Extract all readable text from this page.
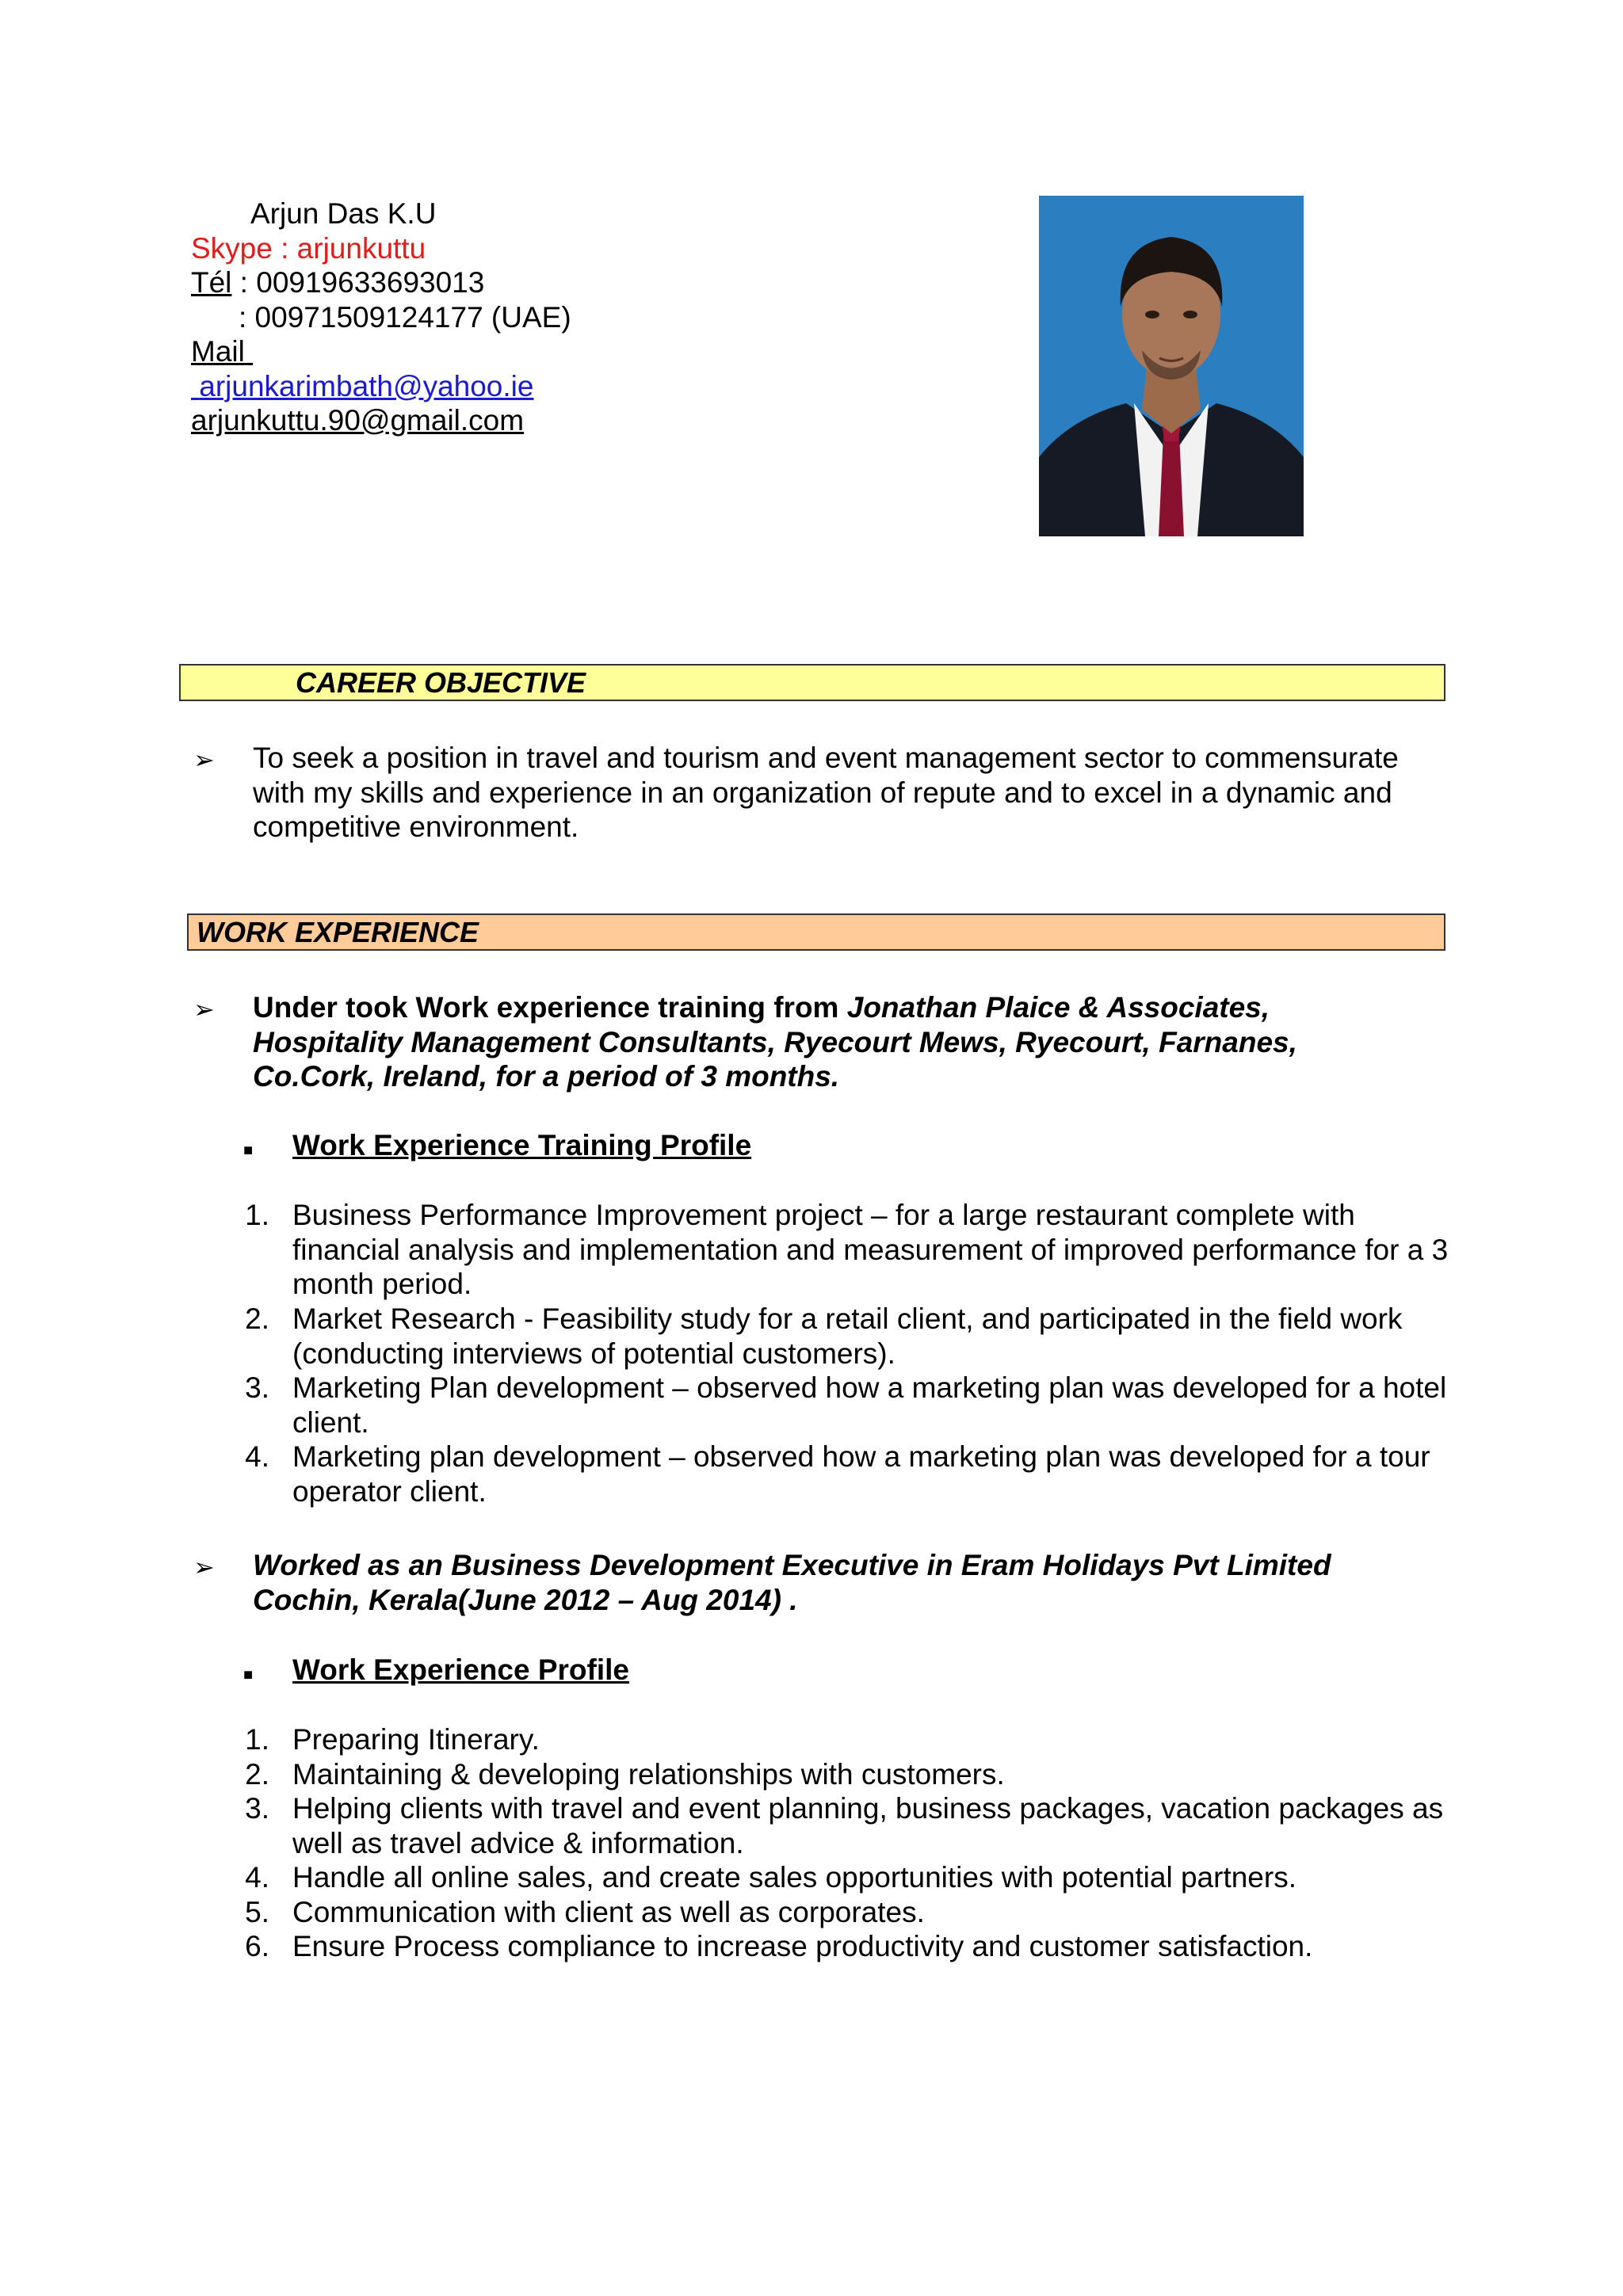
Arjun Das K.U
Skype : arjunkuttu
Tél : 00919633693013
: 00971509124177 (UAE)
Mail
arjunkarimbath@yahoo.ie
arjunkuttu.90@gmail.com
CAREER OBJECTIVE
➢ To seek a position in travel and tourism and event management sector to commensurate with my skills and experience in an organization of repute and to excel in a dynamic and competitive environment.
WORK EXPERIENCE
➢ Under took Work experience training from Jonathan Plaice & Associates, Hospitality Management Consultants, Ryecourt Mews, Ryecourt, Farnanes, Co.Cork, Ireland, for a period of 3 months.
■ Work Experience Training Profile
1. Business Performance Improvement project – for a large restaurant complete with financial analysis and implementation and measurement of improved performance for a 3 month period.
2. Market Research - Feasibility study for a retail client, and participated in the field work (conducting interviews of potential customers).
3. Marketing Plan development – observed how a marketing plan was developed for a hotel client.
4. Marketing plan development – observed how a marketing plan was developed for a tour operator client.
➢ Worked as an Business Development Executive in Eram Holidays Pvt Limited Cochin, Kerala(June 2012 – Aug 2014) .
■ Work Experience Profile
1. Preparing Itinerary.
2. Maintaining & developing relationships with customers.
3. Helping clients with travel and event planning, business packages, vacation packages as well as travel advice & information.
4. Handle all online sales, and create sales opportunities with potential partners.
5. Communication with client as well as corporates.
6. Ensure Process compliance to increase productivity and customer satisfaction.
